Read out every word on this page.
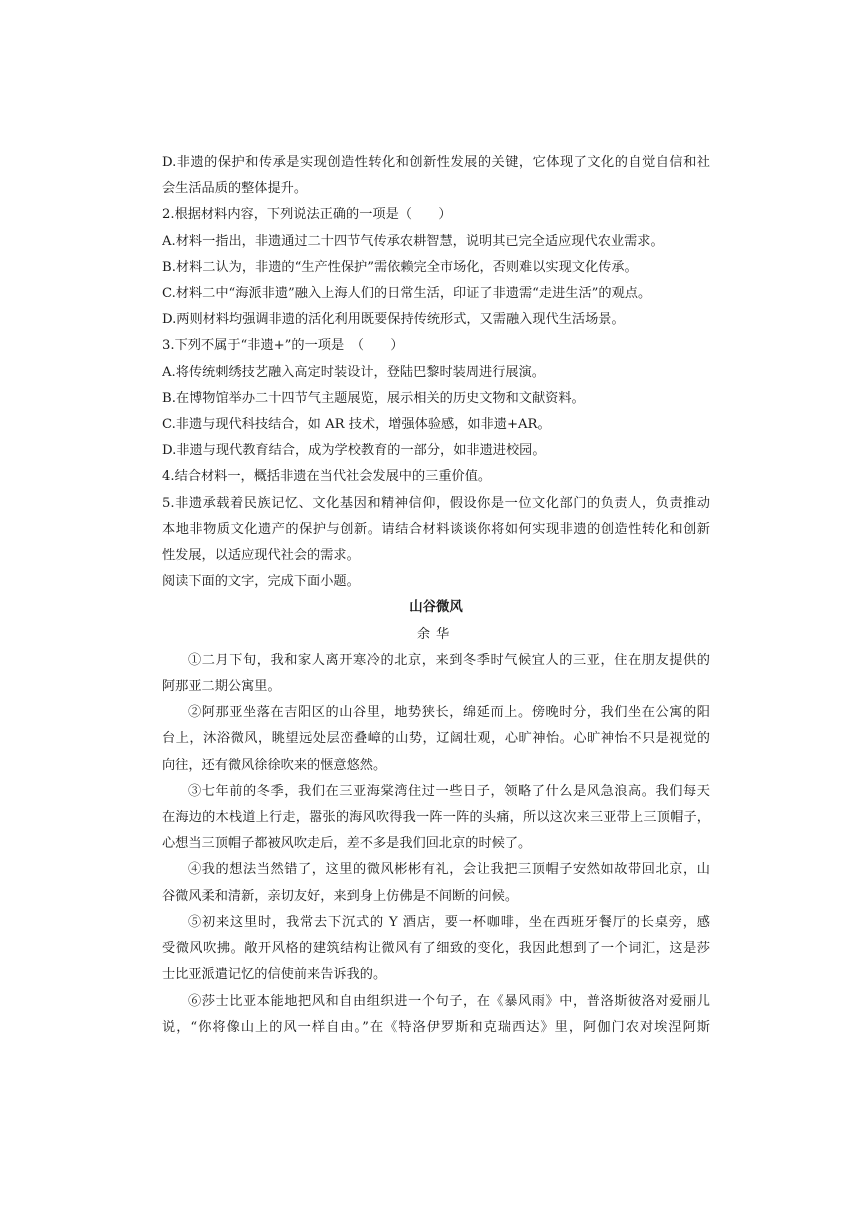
D.非遗的保护和传承是实现创造性转化和创新性发展的关键，它体现了文化的自觉自信和社
会生活品质的整体提升。
2.根据材料内容，下列说法正确的一项是（　　）
A.材料一指出，非遗通过二十四节气传承农耕智慧，说明其已完全适应现代农业需求。
B.材料二认为，非遗的“生产性保护”需依赖完全市场化，否则难以实现文化传承。
C.材料二中“海派非遗”融入上海人们的日常生活，印证了非遗需“走进生活”的观点。
D.两则材料均强调非遗的活化利用既要保持传统形式，又需融入现代生活场景。
3.下列不属于“非遗+”的一项是　（　　）
A.将传统刺绣技艺融入高定时装设计，登陆巴黎时装周进行展演。
B.在博物馆举办二十四节气主题展览，展示相关的历史文物和文献资料。
C.非遗与现代科技结合，如 AR 技术，增强体验感，如非遗+AR。
D.非遗与现代教育结合，成为学校教育的一部分，如非遗进校园。
4.结合材料一，概括非遗在当代社会发展中的三重价值。
5.非遗承载着民族记忆、文化基因和精神信仰，假设你是一位文化部门的负责人，负责推动
本地非物质文化遗产的保护与创新。请结合材料谈谈你将如何实现非遗的创造性转化和创新
性发展，以适应现代社会的需求。
阅读下面的文字，完成下面小题。
山谷微风
余华
①二月下旬，我和家人离开寒冷的北京，来到冬季时气候宜人的三亚，住在朋友提供的
阿那亚二期公寓里。
②阿那亚坐落在吉阳区的山谷里，地势狭长，绵延而上。傍晚时分，我们坐在公寓的阳
台上，沐浴微风，眺望远处层峦叠嶂的山势，辽阔壮观，心旷神怡。心旷神怡不只是视觉的
向往，还有微风徐徐吹来的惬意悠然。
③七年前的冬季，我们在三亚海棠湾住过一些日子，领略了什么是风急浪高。我们每天
在海边的木栈道上行走，嚣张的海风吹得我一阵一阵的头痛，所以这次来三亚带上三顶帽子，
心想当三顶帽子都被风吹走后，差不多是我们回北京的时候了。
④我的想法当然错了，这里的微风彬彬有礼，会让我把三顶帽子安然如故带回北京，山
谷微风柔和清新，亲切友好，来到身上仿佛是不间断的问候。
⑤初来这里时，我常去下沉式的 Y 酒店，要一杯咖啡，坐在西班牙餐厅的长桌旁，感
受微风吹拂。敞开风格的建筑结构让微风有了细致的变化，我因此想到了一个词汇，这是莎
士比亚派遣记忆的信使前来告诉我的。
⑥莎士比亚本能地把风和自由组织进一个句子，在《暴风雨》中，普洛斯彼洛对爱丽儿
说，“你将像山上的风一样自由。”在《特洛伊罗斯和克瑞西达》里，阿伽门农对埃涅阿斯
